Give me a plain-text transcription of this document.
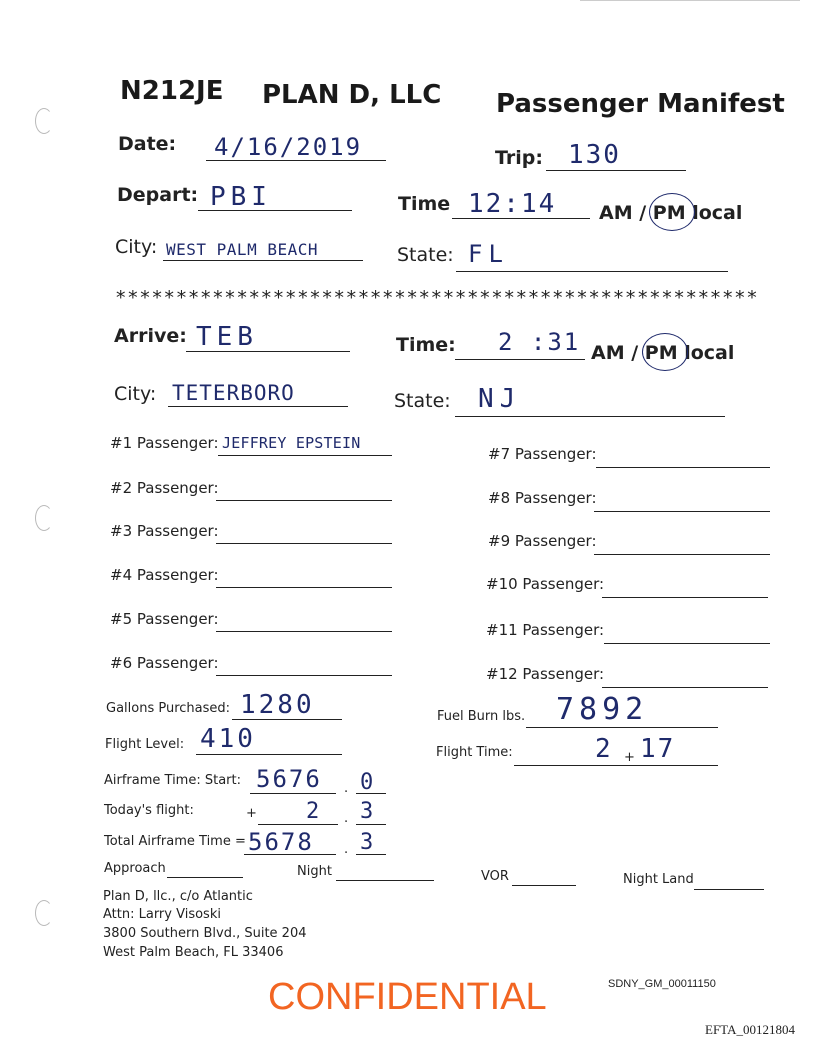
N212JE PLAN D, LLC Passenger Manifest
Date: 4/16/2019	Trip: 130
Depart: PBI	Time 12:14 AM / PM local
City: WEST PALM BEACH	State: FL
*****************************************************
Arrive: TEB	Time: 2 :31 AM / PM local
City: TETERBORO	State: NJ
#1 Passenger: JEFFREY EPSTEIN
#2 Passenger:
#3 Passenger:
#4 Passenger:
#5 Passenger:
#6 Passenger:
#7 Passenger:
#8 Passenger:
#9 Passenger:
#10 Passenger:
#11 Passenger:
#12 Passenger:
Gallons Purchased: 1280	Fuel Burn lbs. 7892
Flight Level: 410	Flight Time:	2 + 17
Airframe Time: Start: 5676 . 0
Today's flight:	+ 2 . 3
Total Airframe Time = 5678 . 3
Approach	Night	VOR	Night Land
Plan D, llc., c/o Atlantic
Attn: Larry Visoski
3800 Southern Blvd., Suite 204
West Palm Beach, FL 33406
CONFIDENTIAL	SDNY_GM_00011150
EFTA_00121804
